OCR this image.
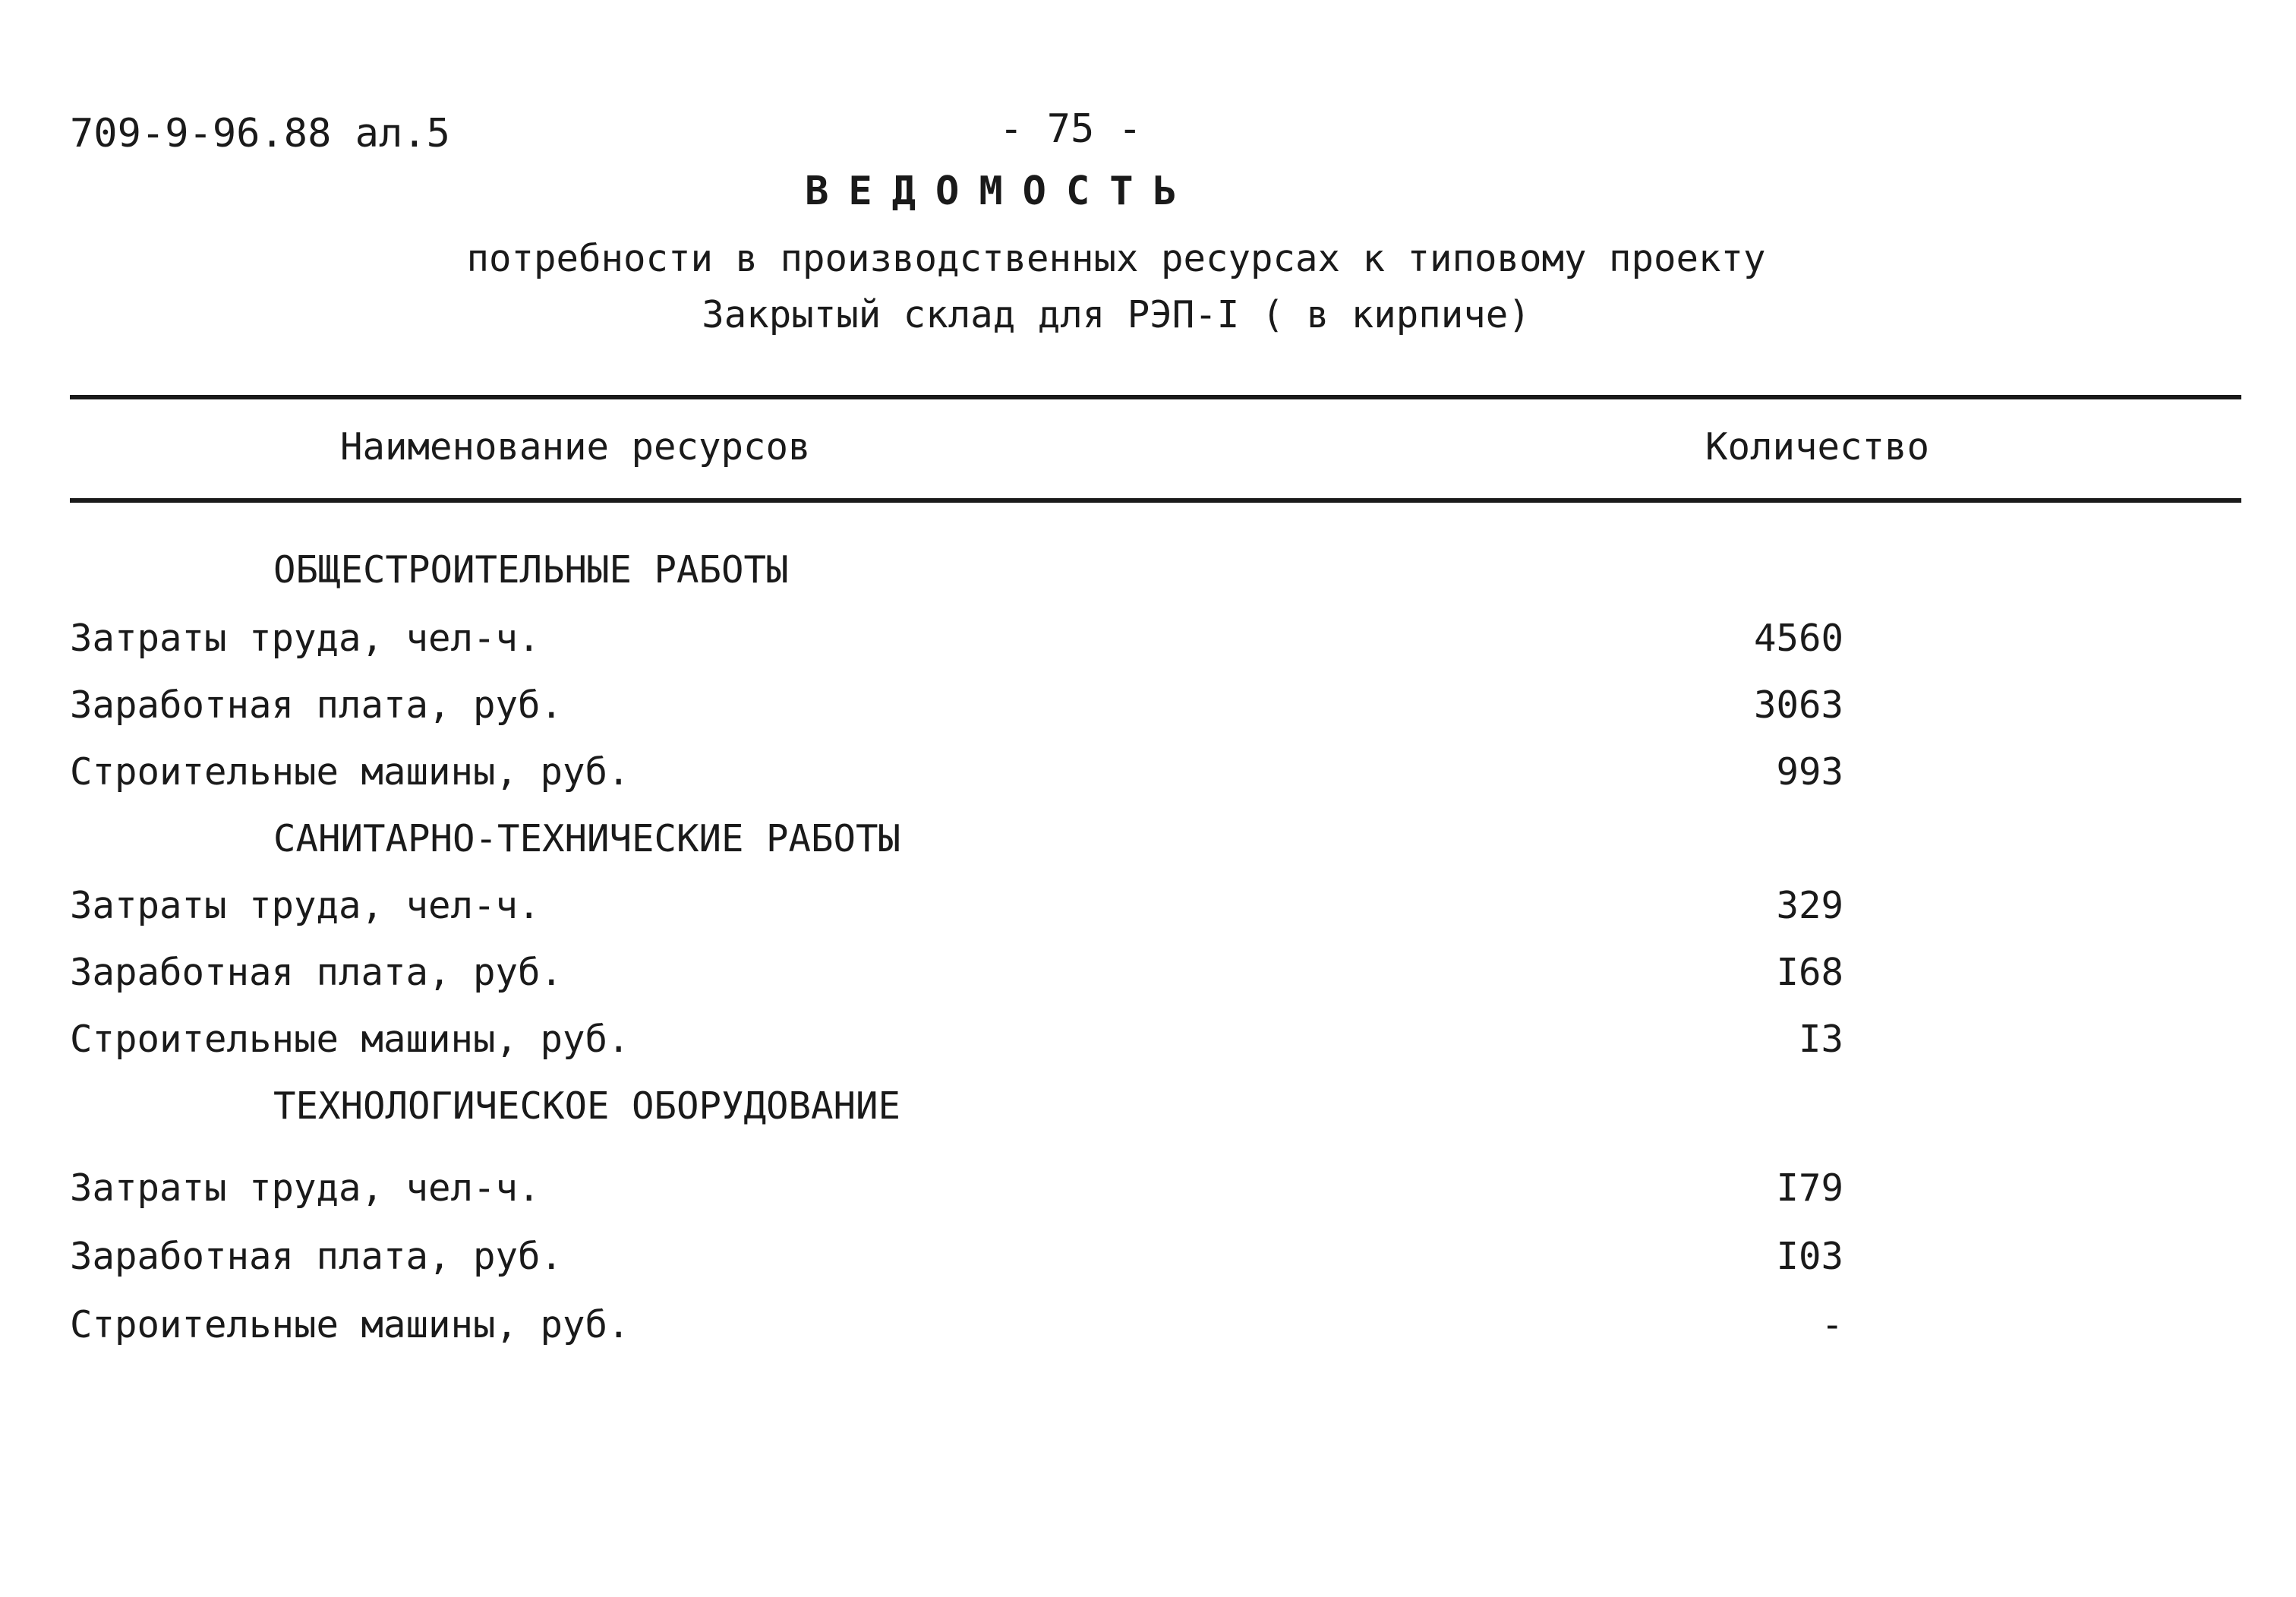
709-9-96.88 ал.5	- 75 -
ВЕДОМОСТЬ
потребности в производственных ресурсах к типовому проекту
Закрытый склад для РЭП-I ( в кирпиче)
Наименование ресурсов	Количество
ОБЩЕСТРОИТЕЛЬНЫЕ РАБОТЫ
Затраты труда, чел-ч.	4560
Заработная плата, руб.	3063
Строительные машины, руб.	993
САНИТАРНО-ТЕХНИЧЕСКИЕ РАБОТЫ
Затраты труда, чел-ч.	329
Заработная плата, руб.	I68
Строительные машины, руб.	I3
ТЕХНОЛОГИЧЕСКОЕ ОБОРУДОВАНИЕ
Затраты труда, чел-ч.	I79
Заработная плата, руб.	I03
Строительные машины, руб.	-
